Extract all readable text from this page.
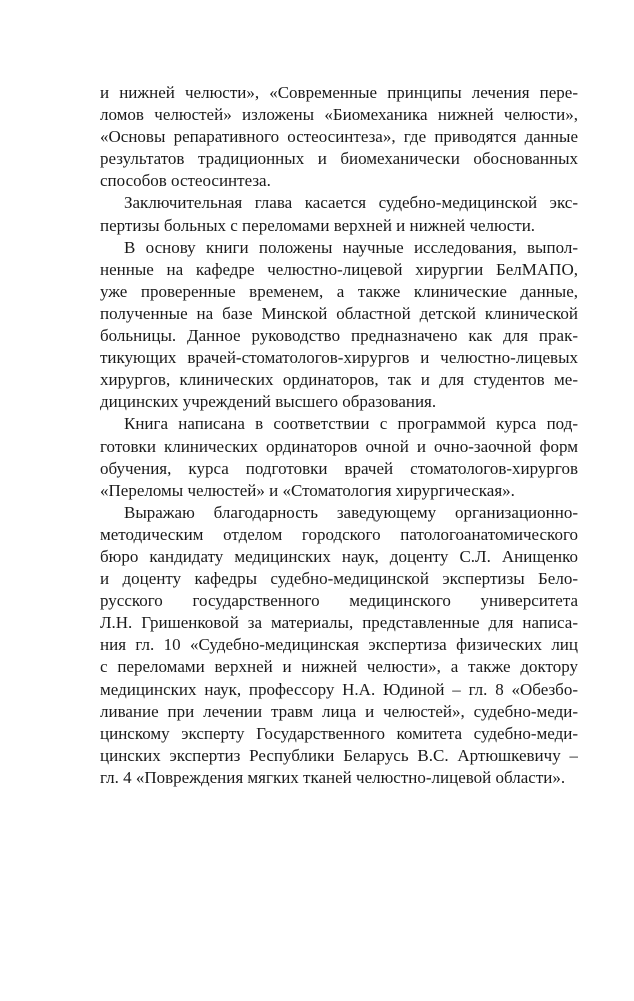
и нижней челюсти», «Современные принципы лечения пере-
ломов челюстей» изложены «Биомеханика нижней челюсти»,
«Основы репаративного остеосинтеза», где приводятся данные
результатов традиционных и биомеханически обоснованных
способов остеосинтеза.
Заключительная глава касается судебно-медицинской экс-
пертизы больных с переломами верхней и нижней челюсти.
В основу книги положены научные исследования, выпол-
ненные на кафедре челюстно-лицевой хирургии БелМАПО,
уже проверенные временем, а также клинические данные,
полученные на базе Минской областной детской клинической
больницы. Данное руководство предназначено как для прак-
тикующих врачей-стоматологов-хирургов и челюстно-лицевых
хирургов, клинических ординаторов, так и для студентов ме-
дицинских учреждений высшего образования.
Книга написана в соответствии с программой курса под-
готовки клинических ординаторов очной и очно-заочной форм
обучения, курса подготовки врачей стоматологов-хирургов
«Переломы челюстей» и «Стоматология хирургическая».
Выражаю благодарность заведующему организационно-
методическим отделом городского патологоанатомического
бюро кандидату медицинских наук, доценту С.Л. Анищенко
и доценту кафедры судебно-медицинской экспертизы Бело-
русского государственного медицинского университета
Л.Н. Гришенковой за материалы, представленные для написа-
ния гл. 10 «Судебно-медицинская экспертиза физических лиц
с переломами верхней и нижней челюсти», а также доктору
медицинских наук, профессору Н.А. Юдиной – гл. 8 «Обезбо-
ливание при лечении травм лица и челюстей», судебно-меди-
цинскому эксперту Государственного комитета судебно-меди-
цинских экспертиз Республики Беларусь В.С. Артюшкевичу –
гл. 4 «Повреждения мягких тканей челюстно-лицевой области».
